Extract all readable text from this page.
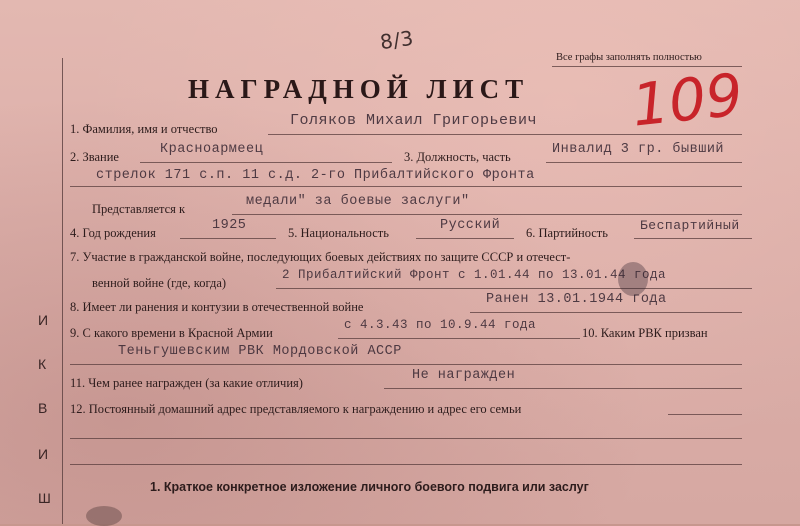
И
К
В
И
Ш
8/3
Все графы заполнять полностью
НАГРАДНОЙ ЛИСТ 109
1. Фамилия, имя и отчество	Голяков Михаил Григорьевич
2. Звание	Красноармеец	3. Должность, часть	Инвалид 3 гр. бывший
стрелок 171 с.п. 11 с.д. 2-го Прибалтийского Фронта
Представляется к	медали" за боевые заслуги"
4. Год рождения	1925	5. Национальность	Русский 6. Партийность Беспартийный
7. Участие в гражданской войне, последующих боевых действиях по защите СССР и отечест-
венной войне (где, когда)
2 Прибалтийский Фронт с 1.01.44 по 13.01.44 года
8. Имеет ли ранения и контузии в отечественной войне	Ранен 13.01.1944 года
9. С какого времени в Красной Армии
с 4.3.43 по 10.9.44 года
10. Каким РВК призван
Теньгушевским РВК Мордовской АССР
11. Чем ранее награжден (за какие отличия)	Не награжден
12. Постоянный домашний адрес представляемого к награждению и адрес его семьи
1. Краткое конкретное изложение личного боевого подвига или заслуг
